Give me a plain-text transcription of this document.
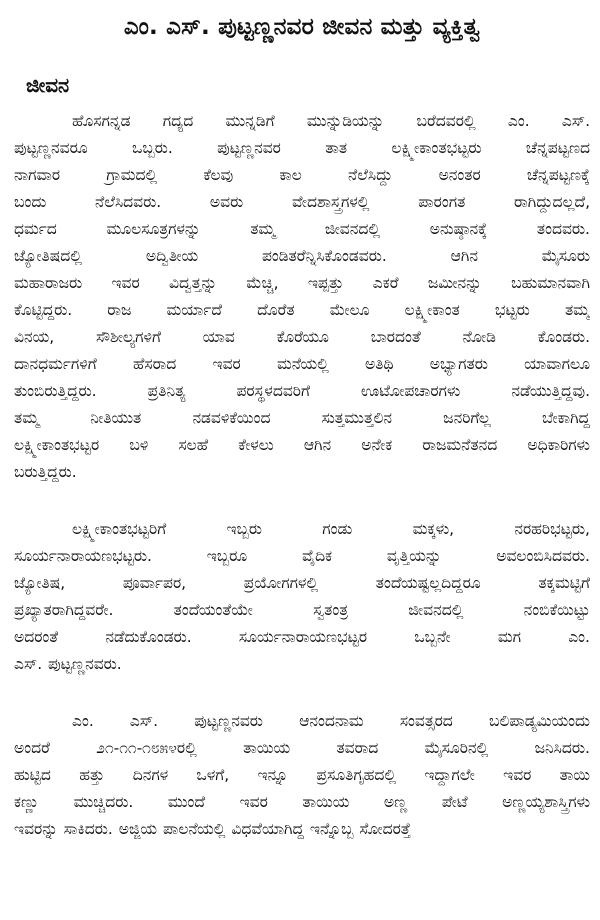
ಎಂ. ಎಸ್. ಪುಟ್ಟಣ್ಣನವರ ಜೀವನ ಮತ್ತು ವ್ಯಕ್ತಿತ್ವ
ಜೀವನ

ಹೊಸಗನ್ನಡ ಗದ್ಯದ ಮುನ್ನಡಿಗೆ ಮುನ್ನುಡಿಯನ್ನು ಬರೆದವರಲ್ಲಿ ಎಂ. ಎಸ್.
ಪುಟ್ಟಣ್ಣನವರೂ ಒಬ್ಬರು. ಪುಟ್ಟಣ್ಣನವರ ತಾತ ಲಕ್ಷ್ಮೀಕಾಂತಭಟ್ಟರು ಚೆನ್ನಪಟ್ಟಣದ
ನಾಗವಾರ ಗ್ರಾಮದಲ್ಲಿ ಕೆಲವು ಕಾಲ ನೆಲೆಸಿದ್ದು ಅನಂತರ ಚೆನ್ನಪಟ್ಟಣಕ್ಕೆ
ಬಂದು ನೆಲೆಸಿದವರು. ಅವರು ವೇದಶಾಸ್ತ್ರಗಳಲ್ಲಿ ಪಾರಂಗತ ರಾಗಿದ್ದುದಲ್ಲದೆ,
ಧರ್ಮದ ಮೂಲಸೂತ್ರಗಳನ್ನು ತಮ್ಮ ಜೀವನದಲ್ಲಿ ಅನುಷ್ಠಾನಕ್ಕೆ ತಂದವರು.
ಜ್ಯೋತಿಷದಲ್ಲಿ ಅದ್ವಿತೀಯ ಪಂಡಿತರೆನ್ನಿಸಿಕೊಂಡವರು. ಆಗಿನ ಮೈಸೂರು
ಮಹಾರಾಜರು ಇವರ ವಿದ್ವತ್ತನ್ನು ಮೆಚ್ಚಿ, ಇಪ್ಪತ್ತು ಎಕರೆ ಜಮೀನನ್ನು ಬಹುಮಾನವಾಗಿ
ಕೊಟ್ಟಿದ್ದರು. ರಾಜ ಮರ್ಯಾದೆ ದೊರೆತ ಮೇಲೂ ಲಕ್ಷ್ಮೀಕಾಂತ ಭಟ್ಟರು ತಮ್ಮ
ವಿನಯ, ಸೌಶೀಲ್ಯಗಳಿಗೆ ಯಾವ ಕೊರೆಯೂ ಬಾರದಂತೆ ನೋಡಿ ಕೊಂಡರು.
ದಾನಧರ್ಮಗಳಿಗೆ ಹೆಸರಾದ ಇವರ ಮನೆಯಲ್ಲಿ ಅತಿಥಿ ಅಭ್ಯಾಗತರು ಯಾವಾಗಲೂ
ತುಂಬಿರುತ್ತಿದ್ದರು. ಪ್ರತಿನಿತ್ಯ ಪರಸ್ಥಳದವರಿಗೆ ಊಟೋಪಚಾರಗಳು ನಡೆಯುತ್ತಿದ್ದವು.
ತಮ್ಮ ನೀತಿಯುತ ನಡವಳಿಕೆಯಿಂದ ಸುತ್ತಮುತ್ತಲಿನ ಜನರಿಗೆಲ್ಲ ಬೇಕಾಗಿದ್ದ
ಲಕ್ಷ್ಮೀಕಾಂತಭಟ್ಟರ ಬಳಿ ಸಲಹೆ ಕೇಳಲು ಆಗಿನ ಅನೇಕ ರಾಜಮನೆತನದ ಅಧಿಕಾರಿಗಳು
ಬರುತ್ತಿದ್ದರು.

ಲಕ್ಷ್ಮೀಕಾಂತಭಟ್ಟರಿಗೆ ಇಬ್ಬರು ಗಂಡು ಮಕ್ಕಳು, ನರಹರಿಭಟ್ಟರು,
ಸೂರ್ಯನಾರಾಯಣಭಟ್ಟರು. ಇಬ್ಬರೂ ವೈದಿಕ ವೃತ್ತಿಯನ್ನು ಅವಲಂಬಿಸಿದವರು.
ಜ್ಯೋತಿಷ, ಪೂರ್ವಾಪರ, ಪ್ರಯೋಗಗಳಲ್ಲಿ ತಂದೆಯಷ್ಟಲ್ಲದಿದ್ದರೂ ತಕ್ಕಮಟ್ಟಿಗೆ
ಪ್ರಖ್ಯಾತರಾಗಿದ್ದವರೇ. ತಂದೆಯಂತೆಯೇ ಸ್ವತಂತ್ರ ಜೀವನದಲ್ಲಿ ನಂಬಿಕೆಯಿಟ್ಟು
ಅದರಂತೆ ನಡೆದುಕೊಂಡರು. ಸೂರ್ಯನಾರಾಯಣಭಟ್ಟರ ಒಬ್ಬನೇ ಮಗ ಎಂ.
ಎಸ್. ಪುಟ್ಟಣ್ಣನವರು.

ಎಂ. ಎಸ್. ಪುಟ್ಟಣ್ಣನವರು ಆನಂದನಾಮ ಸಂವತ್ಸರದ ಬಲಿಪಾಡ್ಯಮಿಯಂದು
ಅಂದರೆ ೨೧-೧೧-೧೮೫೪ರಲ್ಲಿ ತಾಯಿಯ ತವರಾದ ಮೈಸೂರಿನಲ್ಲಿ ಜನಿಸಿದರು.
ಹುಟ್ಟಿದ ಹತ್ತು ದಿನಗಳ ಒಳಗೆ, ಇನ್ನೂ ಪ್ರಸೂತಿಗೃಹದಲ್ಲಿ ಇದ್ದಾಗಲೇ ಇವರ ತಾಯಿ
ಕಣ್ಣು ಮುಚ್ಚಿದರು. ಮುಂದೆ ಇವರ ತಾಯಿಯ ಅಣ್ಣ ಪೇಟೆ ಅಣ್ಣಯ್ಯಶಾಸ್ತ್ರಿಗಳು
ಇವರನ್ನು ಸಾಕಿದರು. ಅಜ್ಜಿಯ ಪಾಲನೆಯಲ್ಲಿ ವಿಧವೆಯಾಗಿದ್ದ ಇನ್ನೊಬ್ಬ ಸೋದರತ್ತೆ
